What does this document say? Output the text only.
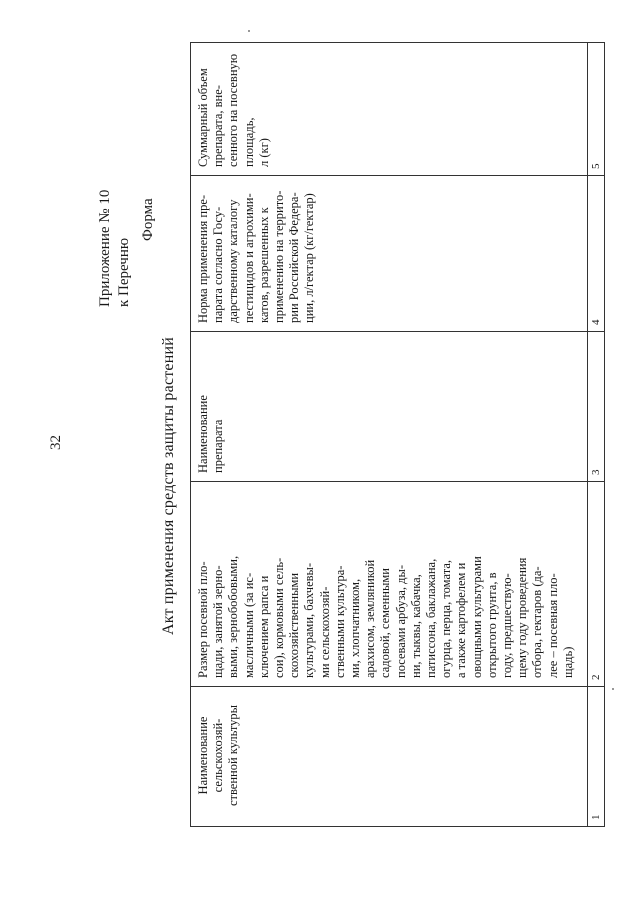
32
Приложение № 10 к Перечню
Форма
Акт применения средств защиты растений
Наименование сельскохозяй-
ственной культуры
1
Размер посевной пло-
щади, занятой зерно-
выми, зернобобовыми,
масличными (за ис-
ключением рапса и
сои), кормовыми сель-
скохозяйственными
культурами, бахчевы-
ми сельскохозяй-
ственными культура-
ми, хлопчатником,
арахисом, земляникой
садовой, семенными
посевами арбуза, ды-
ни, тыквы, кабачка,
патиссона, баклажана,
огурца, перца, томата,
а также картофелем и
овощными культурами
открытого грунта, в
году, предшествую-
щему году проведения
отбора, гектаров (да-
лее – посевная пло-
щадь) 2
Наименование
препарата	3
Норма применения пре-
парата согласно Госу-
дарственному каталогу
пестицидов и агрохими-
катов, разрешенных к
применению на террито-
рии Российской Федера-
ции, л/гектар (кг/гектар)
4
Суммарный объем препарата, вне-
сенного на посевную площадь,
л (кг)
5
